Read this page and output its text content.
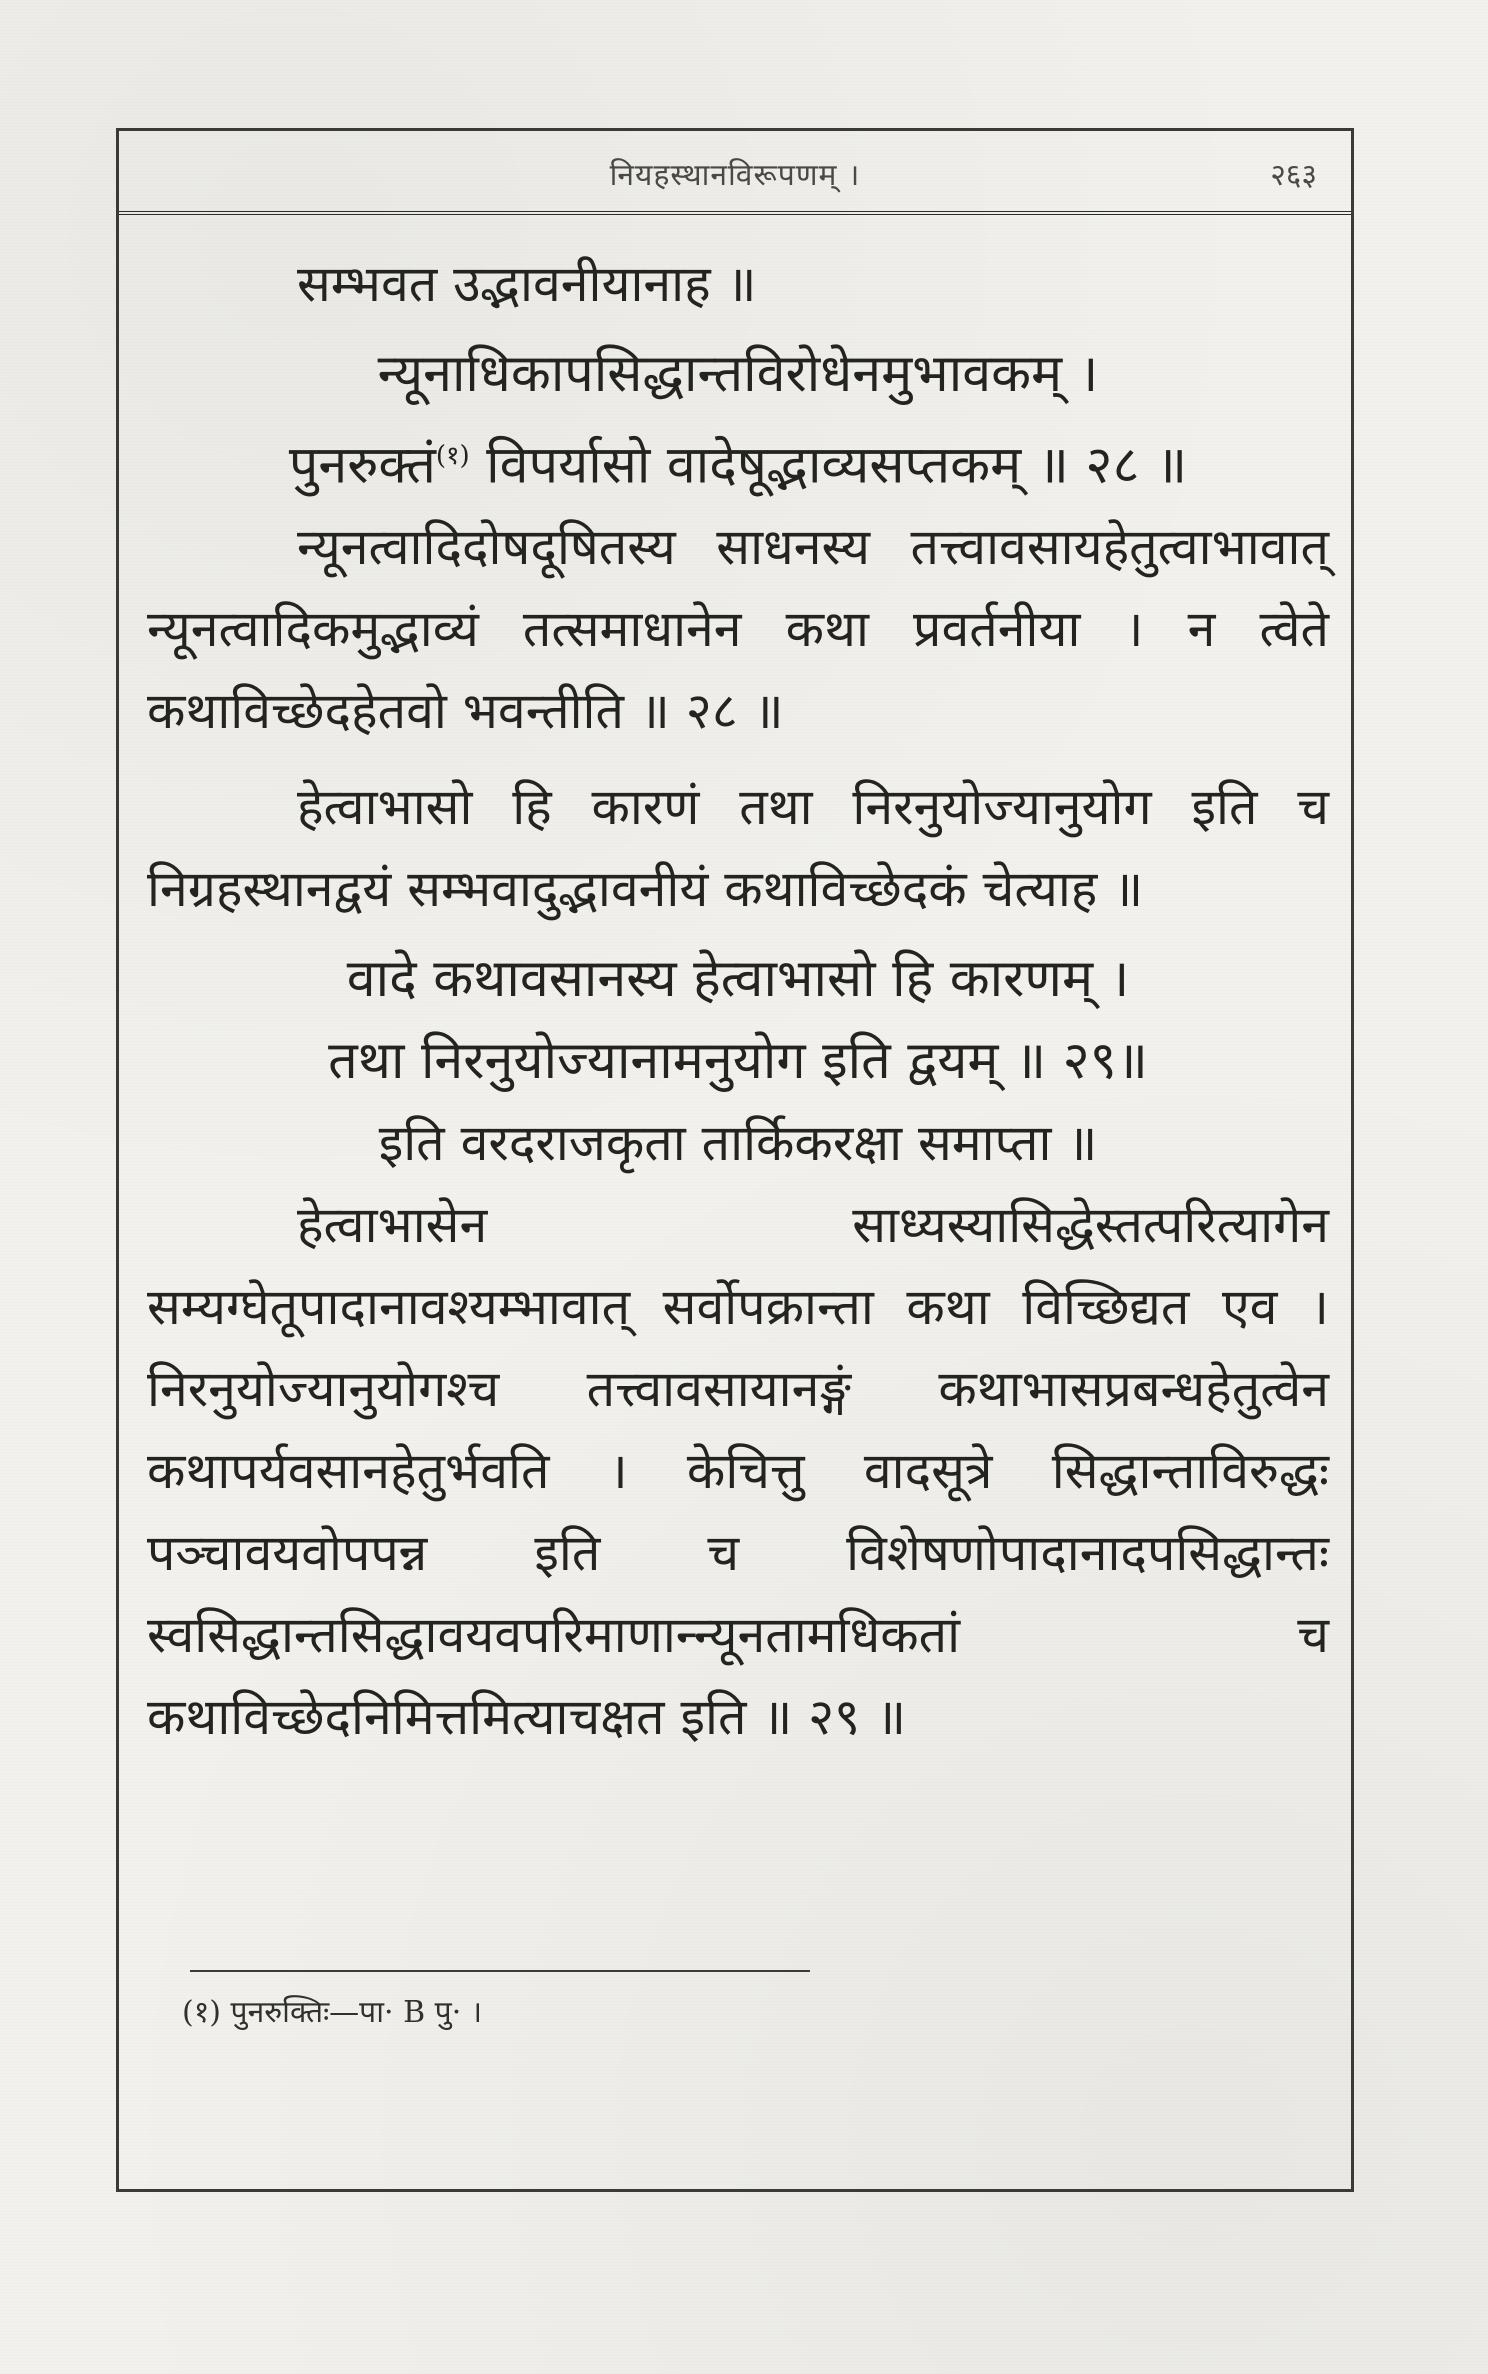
नियहस्थानविरूपणम् ।	२६३

सम्भवत उद्भावनीयानाह ॥

न्यूनाधिकापसिद्धान्तविरोधेनमुभावकम् ।

पुनरुक्तं$^{(१)}$ विपर्यासो वादेषूद्भाव्यसप्तकम् ॥ २८ ॥

न्यूनत्वादिदोषदूषितस्य साधनस्य तत्त्वावसायहेतुत्वाभावात् न्यूनत्वादिकमुद्भाव्यं तत्समाधानेन कथा प्रवर्तनीया । न त्वेते कथाविच्छेदहेतवो भवन्तीति ॥ २८ ॥

हेत्वाभासो हि कारणं तथा निरनुयोज्यानुयोग इति च निग्रहस्थानद्वयं सम्भवादुद्भावनीयं कथाविच्छेदकं चेत्याह ॥

वादे कथावसानस्य हेत्वाभासो हि कारणम् ।

तथा निरनुयोज्यानामनुयोग इति द्वयम् ॥ २९॥

इति वरदराजकृता तार्किकरक्षा समाप्ता ॥

हेत्वाभासेन साध्यस्यासिद्धेस्तत्परित्यागेन सम्यग्घेतूपादानावश्यम्भावात् सर्वोपक्रान्ता कथा विच्छिद्यत एव । निरनुयोज्यानुयोगश्च तत्त्वावसायानङ्गं कथाभासप्रबन्धहेतुत्वेन कथापर्यवसानहेतुर्भवति । केचित्तु वादसूत्रे सिद्धान्ताविरुद्धः पञ्चावयवोपपन्न इति च विशेषणोपादानादपसिद्धान्तः स्वसिद्धान्तसिद्धावयवपरिमाणान्न्यूनतामधिकतां च कथाविच्छेदनिमित्तमित्याचक्षत इति ॥ २९ ॥

(१) पुनरुक्तिः—पा· B पु· ।
